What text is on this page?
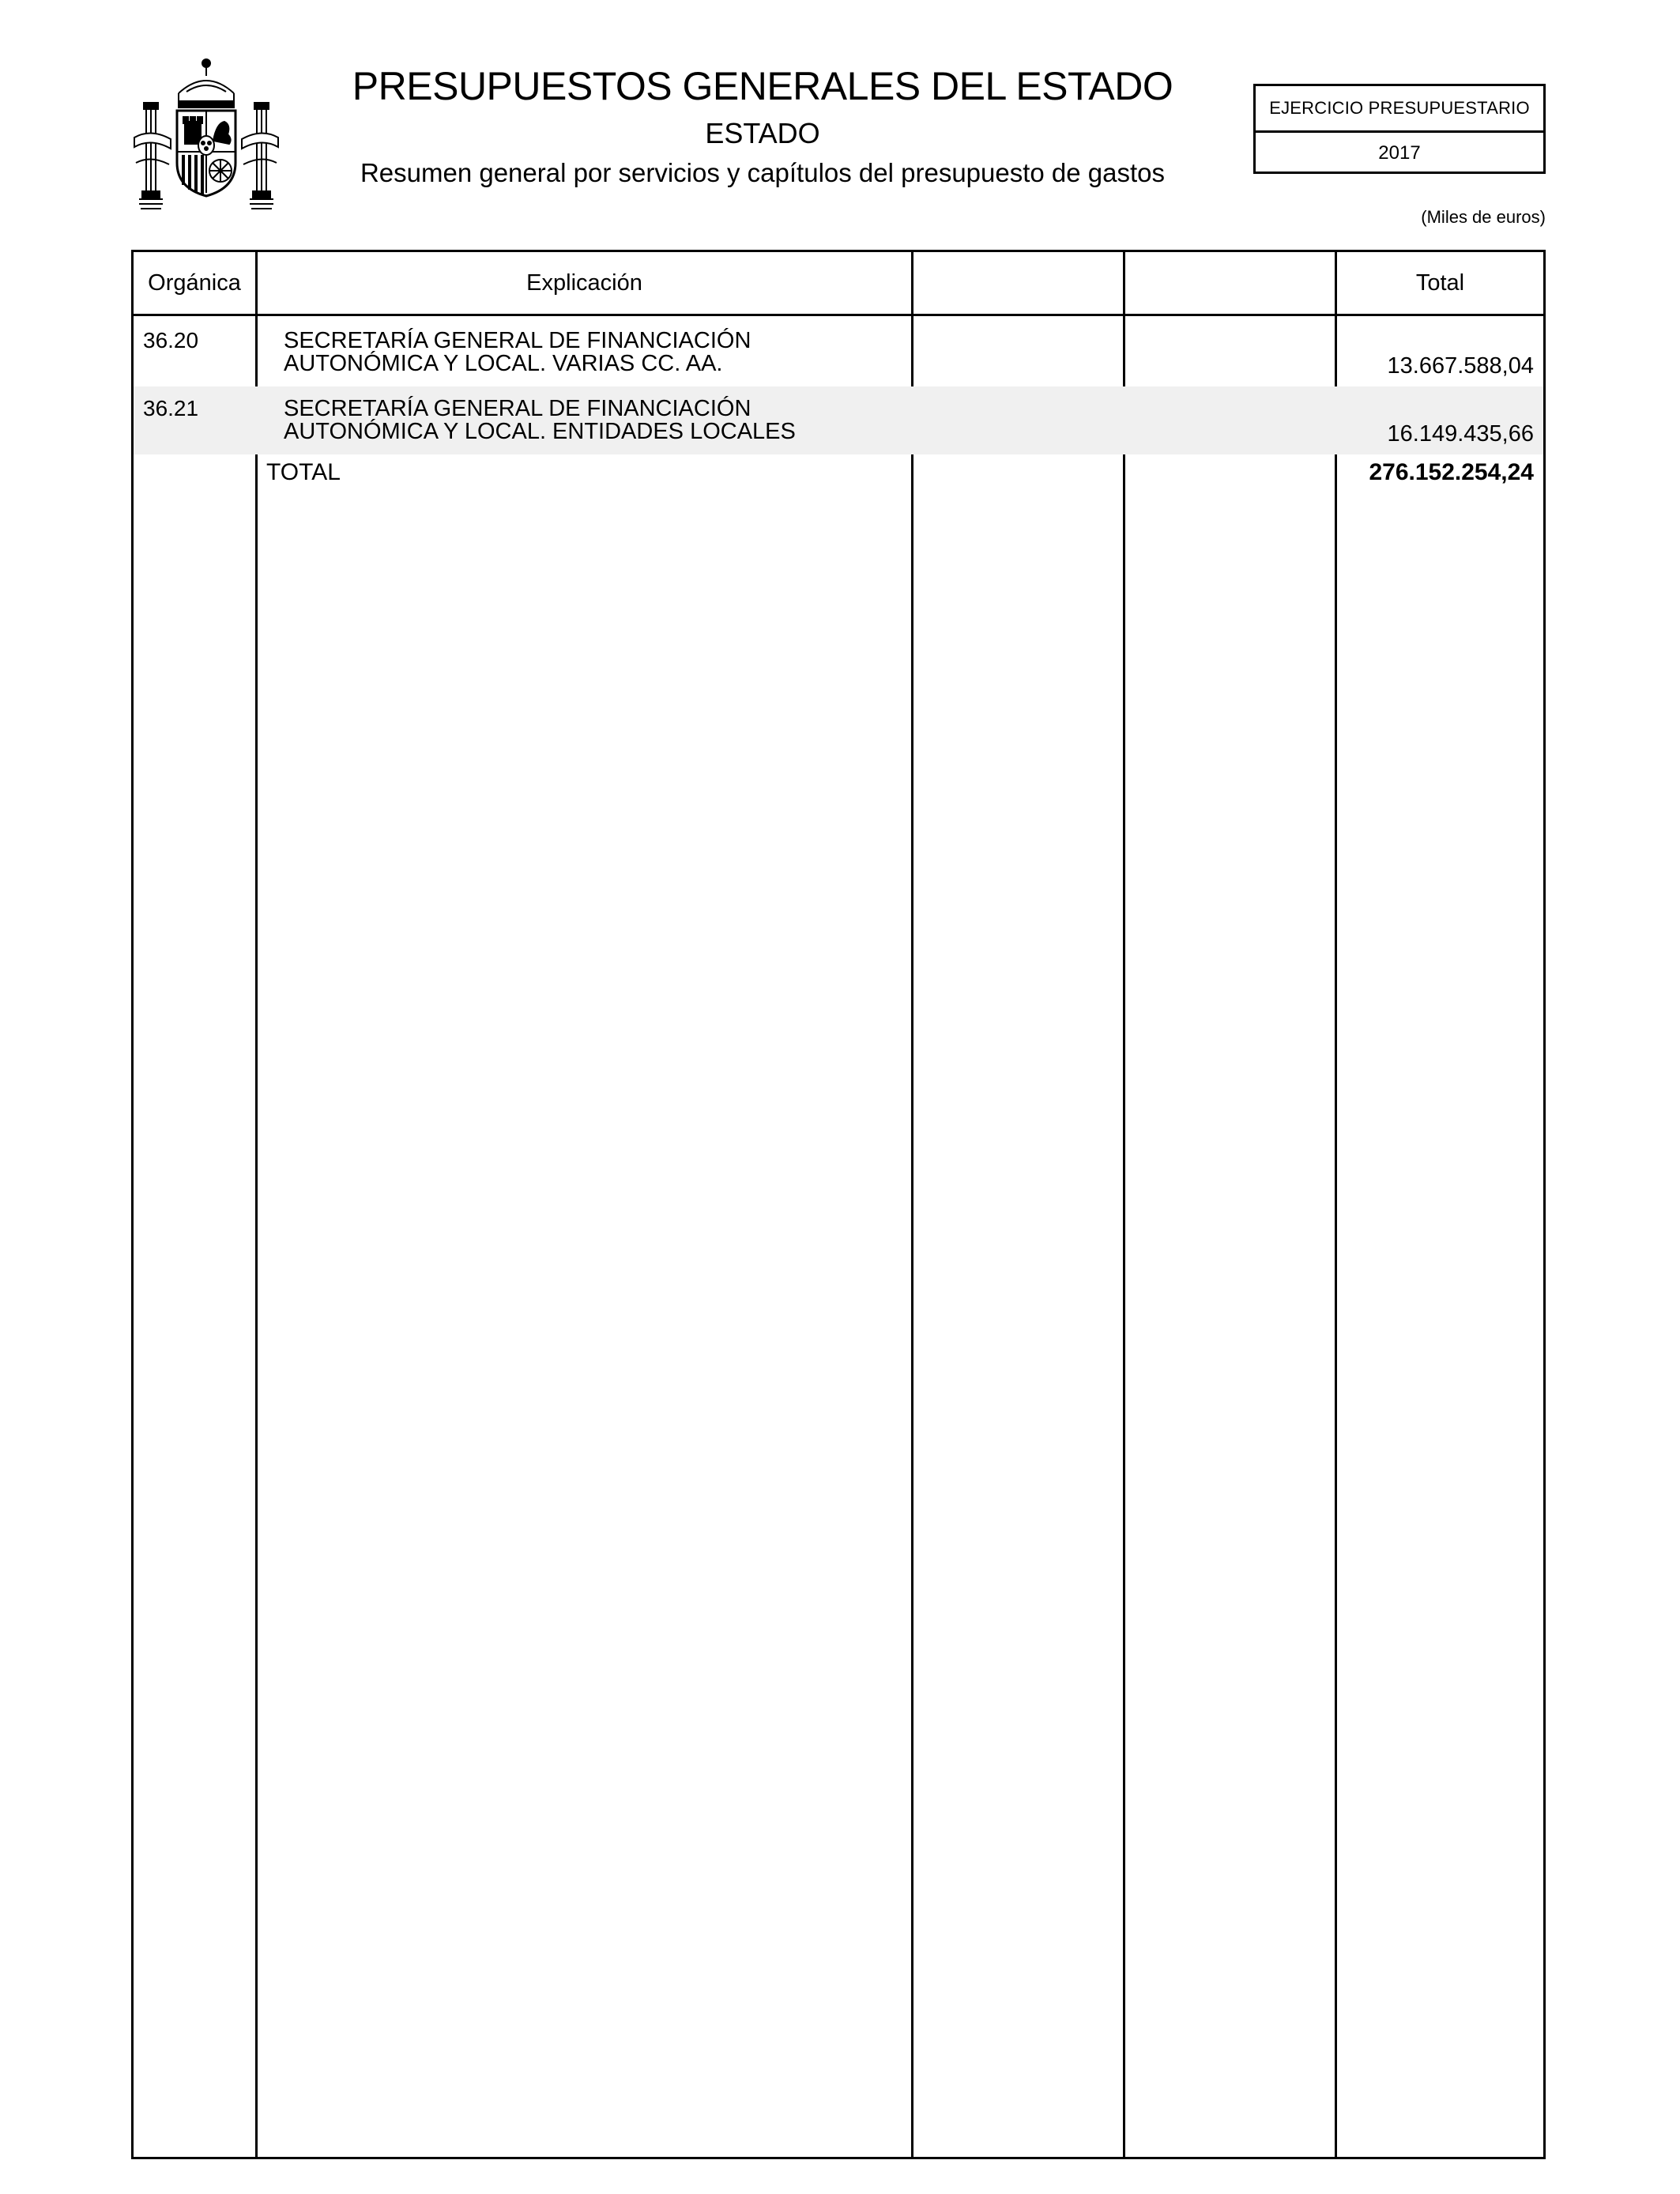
PRESUPUESTOS GENERALES DEL ESTADO
ESTADO
Resumen general por servicios y capítulos del presupuesto de gastos
EJERCICIO PRESUPUESTARIO
2017
(Miles de euros)
Orgánica	Explicación	Total
36.20	SECRETARÍA GENERAL DE FINANCIACIÓN
AUTONÓMICA Y LOCAL. VARIAS CC. AA.	13.667.588,04
36.21	SECRETARÍA GENERAL DE FINANCIACIÓN
AUTONÓMICA Y LOCAL. ENTIDADES LOCALES	16.149.435,66
TOTAL	276.152.254,24
